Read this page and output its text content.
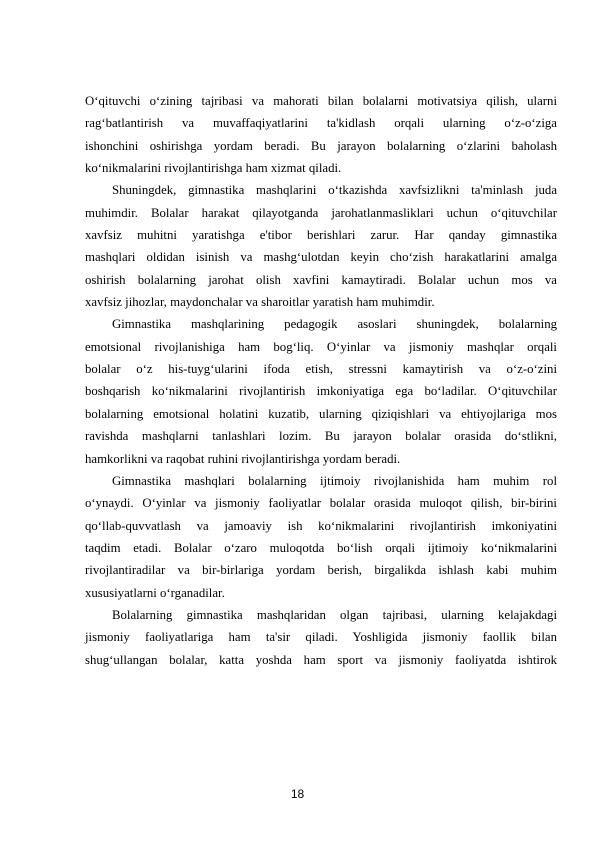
O‘qituvchi o‘zining tajribasi va mahorati bilan bolalarni motivatsiya qilish, ularni
rag‘batlantirish va muvaffaqiyatlarini ta'kidlash orqali ularning o‘z-o‘ziga
ishonchini oshirishga yordam beradi. Bu jarayon bolalarning o‘zlarini baholash
ko‘nikmalarini rivojlantirishga ham xizmat qiladi.
Shuningdek, gimnastika mashqlarini o‘tkazishda xavfsizlikni ta'minlash juda
muhimdir. Bolalar harakat qilayotganda jarohatlanmasliklari uchun o‘qituvchilar
xavfsiz muhitni yaratishga e'tibor berishlari zarur. Har qanday gimnastika
mashqlari oldidan isinish va mashg‘ulotdan keyin cho‘zish harakatlarini amalga
oshirish bolalarning jarohat olish xavfini kamaytiradi. Bolalar uchun mos va
xavfsiz jihozlar, maydonchalar va sharoitlar yaratish ham muhimdir.
Gimnastika mashqlarining pedagogik asoslari shuningdek, bolalarning
emotsional rivojlanishiga ham bog‘liq. O‘yinlar va jismoniy mashqlar orqali
bolalar o‘z his-tuyg‘ularini ifoda etish, stressni kamaytirish va o‘z-o‘zini
boshqarish ko‘nikmalarini rivojlantirish imkoniyatiga ega bo‘ladilar. O‘qituvchilar
bolalarning emotsional holatini kuzatib, ularning qiziqishlari va ehtiyojlariga mos
ravishda mashqlarni tanlashlari lozim. Bu jarayon bolalar orasida do‘stlikni,
hamkorlikni va raqobat ruhini rivojlantirishga yordam beradi.
Gimnastika mashqlari bolalarning ijtimoiy rivojlanishida ham muhim rol
o‘ynaydi. O‘yinlar va jismoniy faoliyatlar bolalar orasida muloqot qilish, bir-birini
qo‘llab-quvvatlash va jamoaviy ish ko‘nikmalarini rivojlantirish imkoniyatini
taqdim etadi. Bolalar o‘zaro muloqotda bo‘lish orqali ijtimoiy ko‘nikmalarini
rivojlantiradilar va bir-birlariga yordam berish, birgalikda ishlash kabi muhim
xususiyatlarni o‘rganadilar.
Bolalarning gimnastika mashqlaridan olgan tajribasi, ularning kelajakdagi
jismoniy faoliyatlariga ham ta'sir qiladi. Yoshligida jismoniy faollik bilan
shug‘ullangan bolalar, katta yoshda ham sport va jismoniy faoliyatda ishtirok
18
